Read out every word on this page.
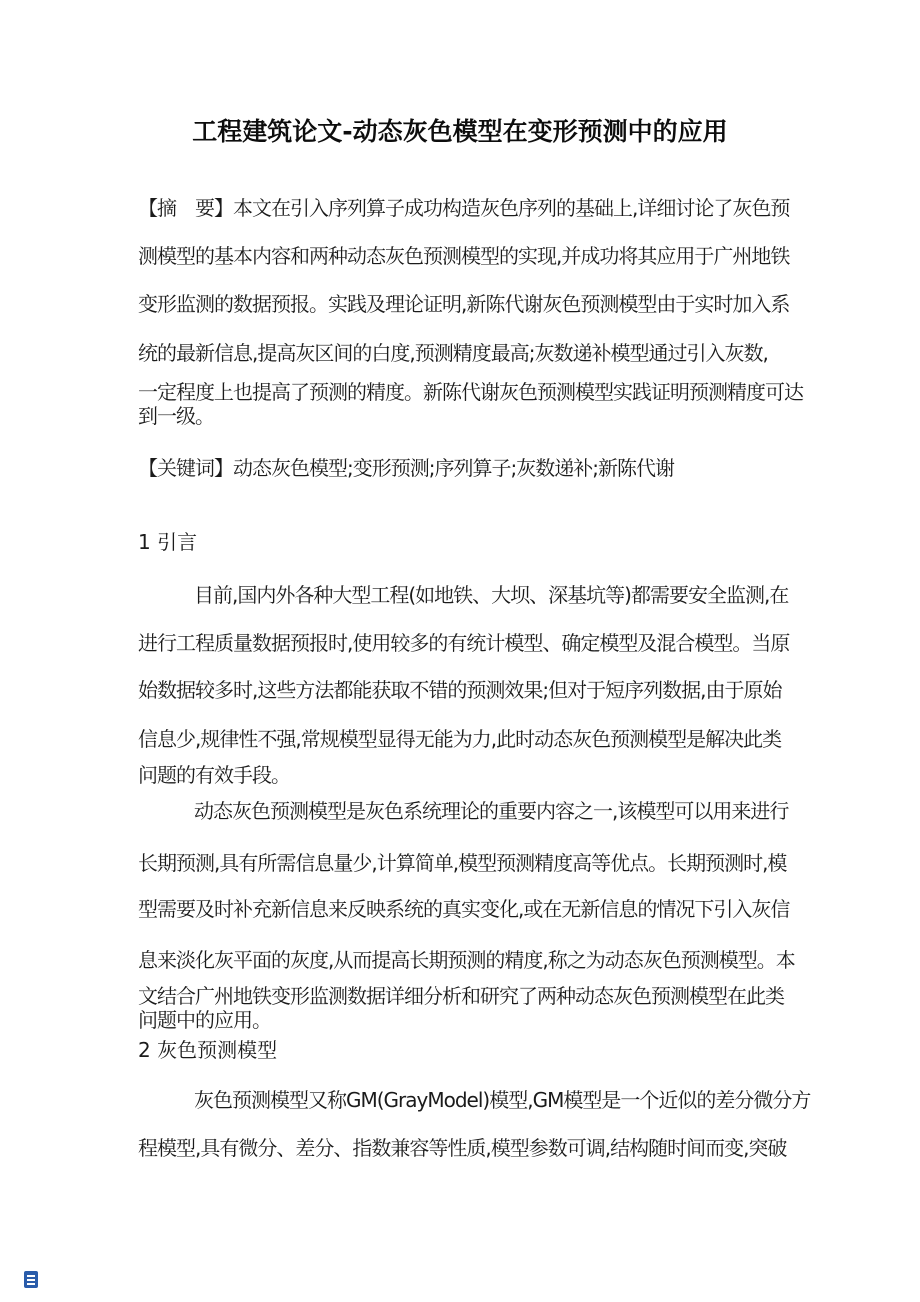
工程建筑论文-动态灰色模型在变形预测中的应用
【摘　要】本文在引入序列算子成功构造灰色序列的基础上,详细讨论了灰色预
测模型的基本内容和两种动态灰色预测模型的实现,并成功将其应用于广州地铁
变形监测的数据预报。实践及理论证明,新陈代谢灰色预测模型由于实时加入系
统的最新信息,提高灰区间的白度,预测精度最高;灰数递补模型通过引入灰数,
一定程度上也提高了预测的精度。新陈代谢灰色预测模型实践证明预测精度可达
到一级。
【关键词】动态灰色模型;变形预测;序列算子;灰数递补;新陈代谢
1 引言
目前,国内外各种大型工程(如地铁、大坝、深基坑等)都需要安全监测,在
进行工程质量数据预报时,使用较多的有统计模型、确定模型及混合模型。当原
始数据较多时,这些方法都能获取不错的预测效果;但对于短序列数据,由于原始
信息少,规律性不强,常规模型显得无能为力,此时动态灰色预测模型是解决此类
问题的有效手段。
动态灰色预测模型是灰色系统理论的重要内容之一,该模型可以用来进行
长期预测,具有所需信息量少,计算简单,模型预测精度高等优点。长期预测时,模
型需要及时补充新信息来反映系统的真实变化,或在无新信息的情况下引入灰信
息来淡化灰平面的灰度,从而提高长期预测的精度,称之为动态灰色预测模型。本
文结合广州地铁变形监测数据详细分析和研究了两种动态灰色预测模型在此类
问题中的应用。
2 灰色预测模型
灰色预测模型又称GM(GrayModel)模型,GM模型是一个近似的差分微分方
程模型,具有微分、差分、指数兼容等性质,模型参数可调,结构随时间而变,突破
